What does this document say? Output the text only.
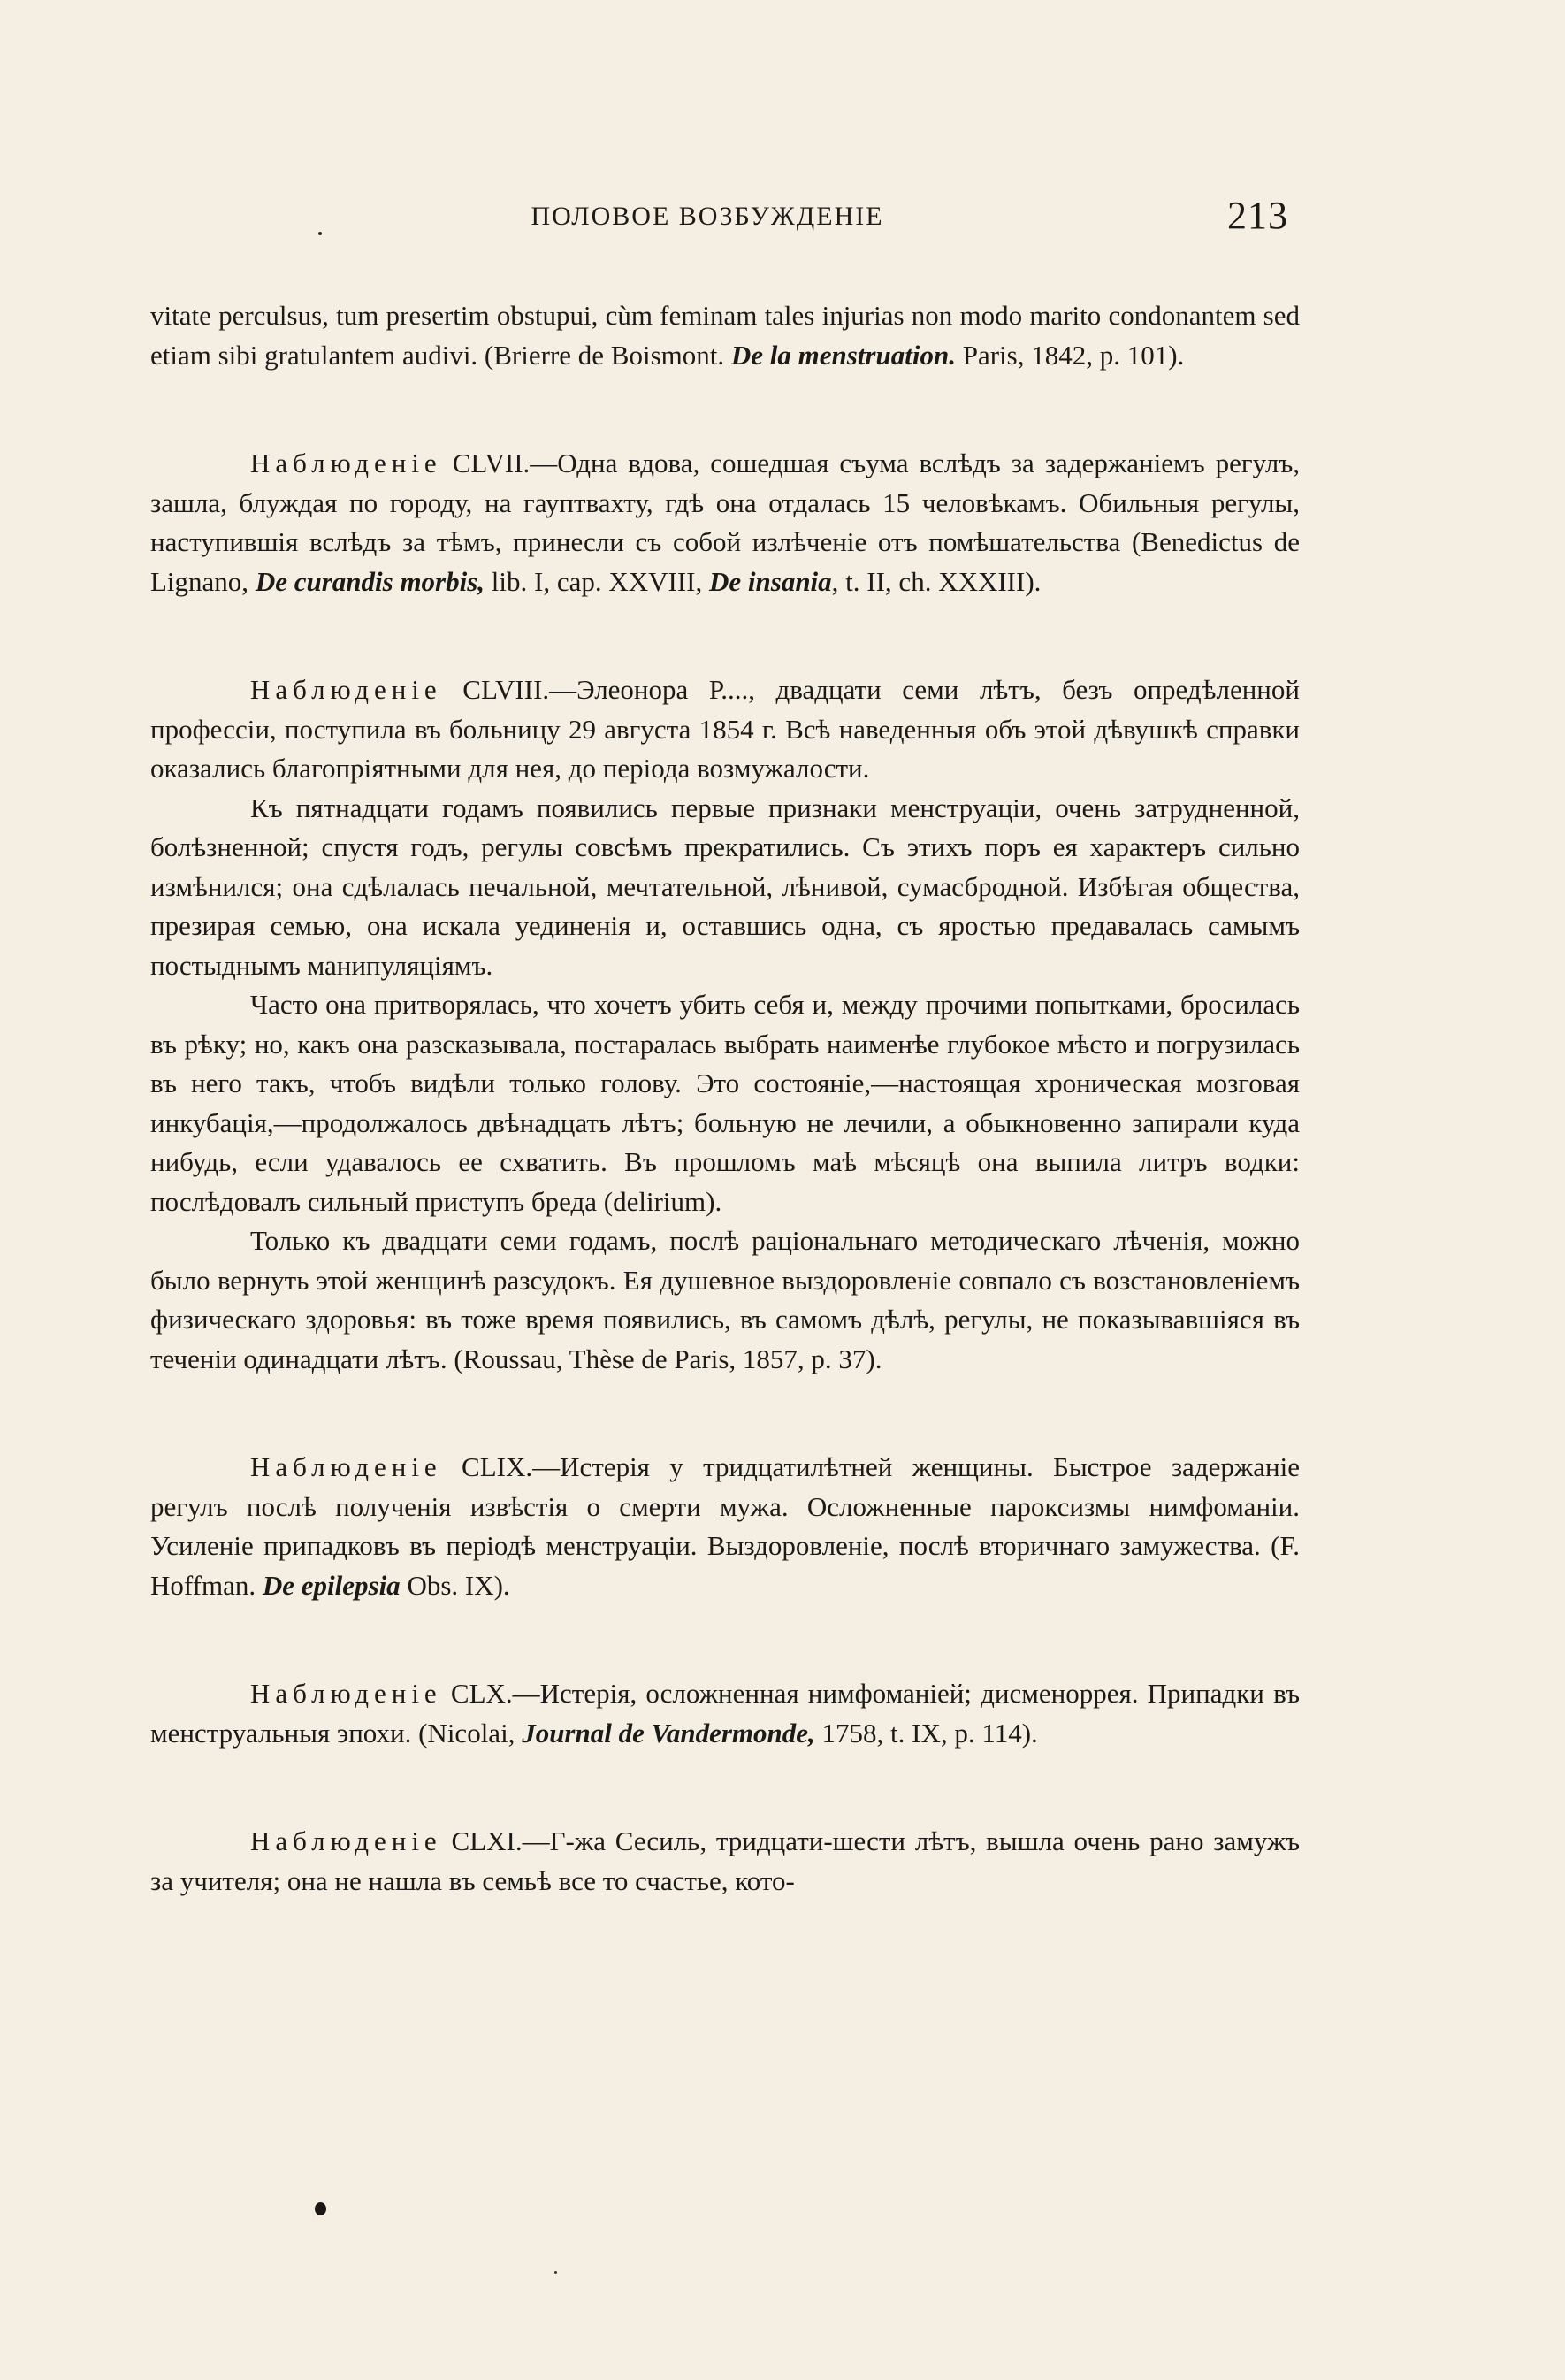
ПОЛОВОЕ ВОЗБУЖДЕНІЕ	213

vitate perculsus, tum presertim obstupui, cùm feminam tales injurias non modo marito condonantem sed etiam sibi gratulantem audivi. (Brierre de Boismont. De la menstruation. Paris, 1842, p. 101).

Наблюденіе CLVII.—Одна вдова, сошедшая съума вслѣдъ за задержаніемъ регулъ, зашла, блуждая по городу, на гауптвахту, гдѣ она отдалась 15 человѣкамъ. Обильныя регулы, наступившія вслѣдъ за тѣмъ, принесли съ собой излѣченіе отъ помѣшательства (Benedictus de Lignano, De curandis morbis, lib. I, cap. XXVIII, De insania, t. II, ch. XXXIII).

Наблюденіе CLVIII.—Элеонора Р...., двадцати семи лѣтъ, безъ опредѣленной профессіи, поступила въ больницу 29 августа 1854 г. Всѣ наведенныя объ этой дѣвушкѣ справки оказались благопріятными для нея, до періода возмужалости.

Къ пятнадцати годамъ появились первые признаки менструаціи, очень затрудненной, болѣзненной; спустя годъ, регулы совсѣмъ прекратились. Съ этихъ поръ ея характеръ сильно измѣнился; она сдѣлалась печальной, мечтательной, лѣнивой, сумасбродной. Избѣгая общества, презирая семью, она искала уединенія и, оставшись одна, съ яростью предавалась самымъ постыднымъ манипуляціямъ.

Часто она притворялась, что хочетъ убить себя и, между прочими попытками, бросилась въ рѣку; но, какъ она разсказывала, постаралась выбрать наименѣе глубокое мѣсто и погрузилась въ него такъ, чтобъ видѣли только голову. Это состояніе,—настоящая хроническая мозговая инкубація,—продолжалось двѣнадцать лѣтъ; больную не лечили, а обыкновенно запирали куда нибудь, если удавалось ее схватить. Въ прошломъ маѣ мѣсяцѣ она выпила литръ водки: послѣдовалъ сильный приступъ бреда (delirium).

Только къ двадцати семи годамъ, послѣ раціональнаго методическаго лѣченія, можно было вернуть этой женщинѣ разсудокъ. Ея душевное выздоровленіе совпало съ возстановленіемъ физическаго здоровья: въ тоже время появились, въ самомъ дѣлѣ, регулы, не показывавшіяся въ теченіи одинадцати лѣтъ. (Roussau, Thèse de Paris, 1857, p. 37).

Наблюденіе CLIX.—Истерія у тридцатилѣтней женщины. Быстрое задержаніе регулъ послѣ полученія извѣстія о смерти мужа. Осложненные пароксизмы нимфоманіи. Усиленіе припадковъ въ періодѣ менструаціи. Выздоровленіе, послѣ вторичнаго замужества. (F. Hoffman. De epilepsia Obs. IX).

Наблюденіе CLX.—Истерія, осложненная нимфоманіей; дисменоррея. Припадки въ менструальныя эпохи. (Nicolai, Journal de Vandermonde, 1758, t. IX, p. 114).

Наблюденіе CLXI.—Г-жа Сесиль, тридцати-шести лѣтъ, вышла очень рано замужъ за учителя; она не нашла въ семьѣ все то счастье, кото-
